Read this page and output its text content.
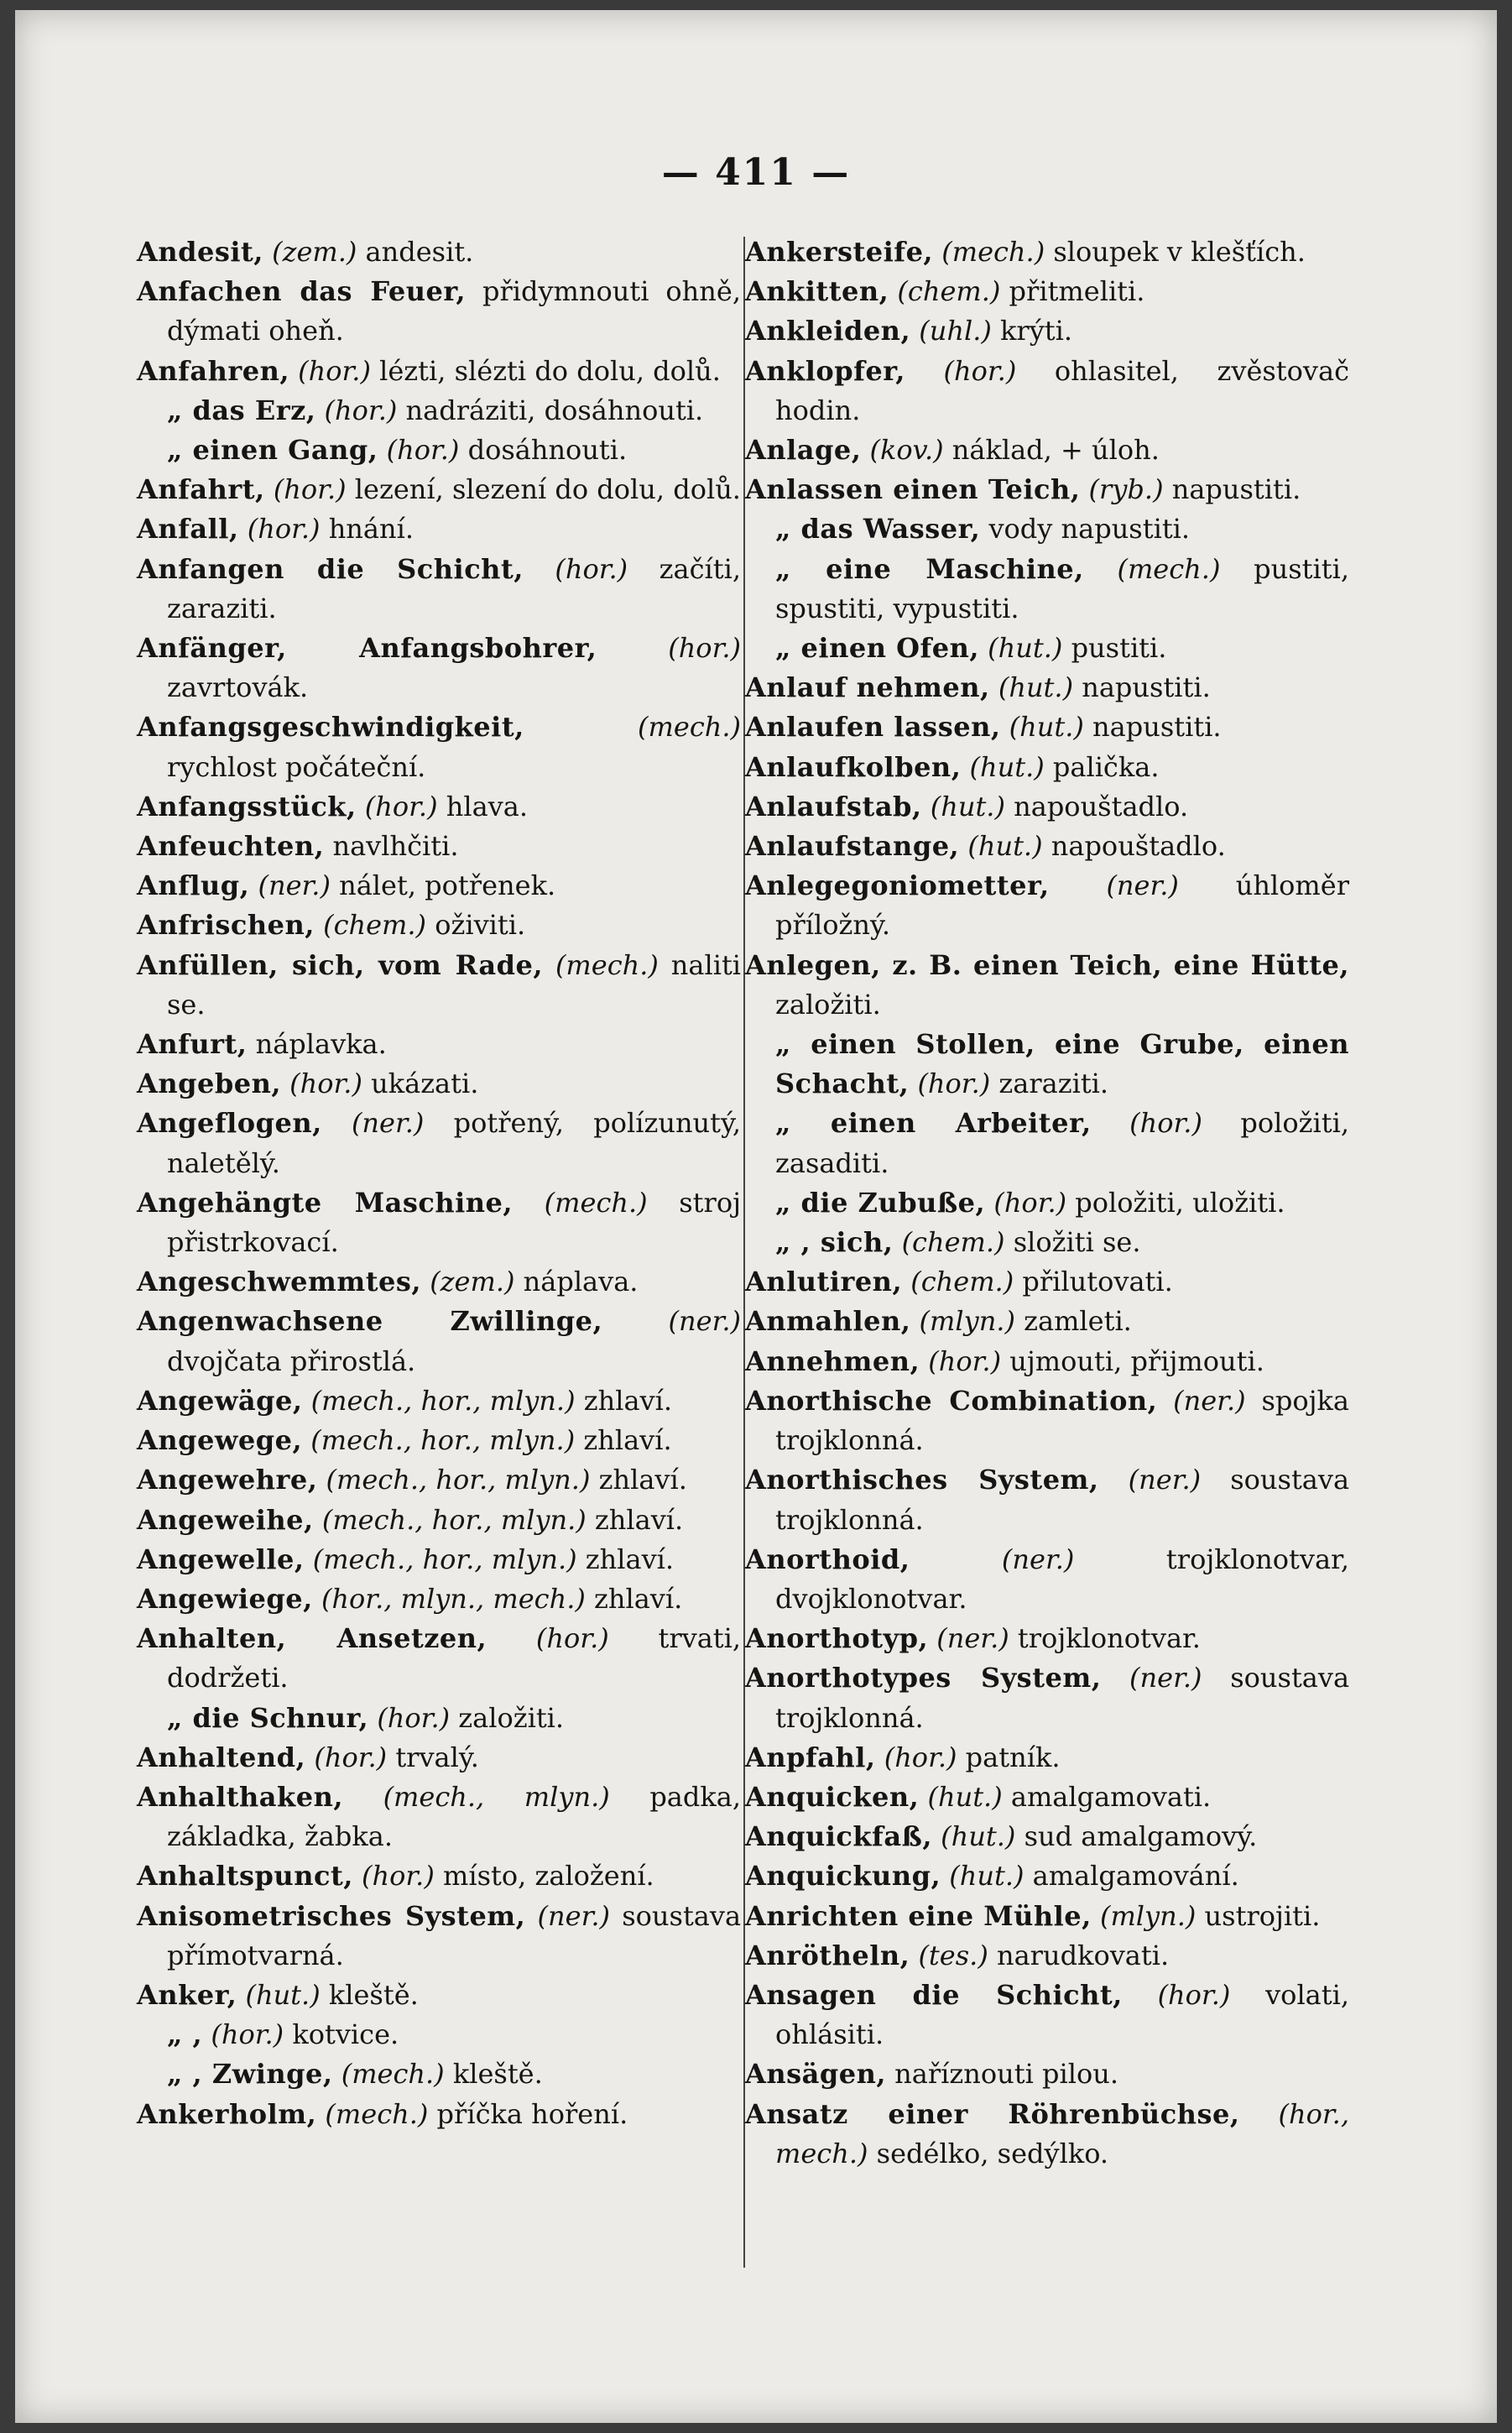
— 411 —

Andesit, (zem.) andesit.

Anfachen das Feuer, přidymnouti ohně, dýmati oheň.

Anfahren, (hor.) lézti, slézti do dolu, dolů.

„ das Erz, (hor.) nadráziti, dosáhnouti.

„ einen Gang, (hor.) dosáhnouti.

Anfahrt, (hor.) lezení, slezení do dolu, dolů.

Anfall, (hor.) hnání.

Anfangen die Schicht, (hor.) začíti, zaraziti.

Anfänger, Anfangsbohrer,	(hor.) zavrtovák.

Anfangsgeschwindigkeit,	(mech.) rychlost počáteční.

Anfangsstück, (hor.) hlava.

Anfeuchten, navlhčiti.

Anflug, (ner.) nálet, potřenek.

Anfrischen, (chem.) oživiti.

Anfüllen, sich, vom Rade, (mech.) naliti se.

Anfurt, náplavka.

Angeben, (hor.) ukázati.

Angeflogen, (ner.) potřený, polízunutý, naletělý.

Angehängte Maschine, (mech.) stroj přistrkovací.

Angeschwemmtes, (zem.) náplava.

Angenwachsene Zwillinge, (ner.) dvojčata přirostlá.

Angewäge, (mech., hor., mlyn.) zhlaví.

Angewege, (mech., hor., mlyn.) zhlaví.

Angewehre, (mech., hor., mlyn.) zhlaví.

Angeweihe, (mech., hor., mlyn.) zhlaví.

Angewelle, (mech., hor., mlyn.) zhlaví.

Angewiege, (hor., mlyn., mech.) zhlaví.

Anhalten, Ansetzen, (hor.) trvati, dodržeti.

„ die Schnur, (hor.) založiti.

Anhaltend, (hor.) trvalý.

Anhalthaken, (mech., mlyn.) padka, základka, žabka.

Anhaltspunct, (hor.) místo, založení.

Anisometrisches System, (ner.) soustava přímotvarná.

Anker, (hut.) kleště.

„ , (hor.) kotvice.

„ , Zwinge, (mech.) kleště.

Ankerholm, (mech.) příčka hoření.

Ankersteife, (mech.) sloupek v klešťích.

Ankitten, (chem.) přitmeliti.

Ankleiden, (uhl.) krýti.

Anklopfer, (hor.) ohlasitel, zvěstovač hodin.

Anlage, (kov.) náklad, + úloh.

Anlassen einen Teich, (ryb.) napustiti.

„ das Wasser, vody napustiti.

„ eine Maschine, (mech.) pustiti, spustiti, vypustiti.

„ einen Ofen, (hut.) pustiti.

Anlauf nehmen, (hut.) napustiti.

Anlaufen lassen, (hut.) napustiti.

Anlaufkolben, (hut.) palička.

Anlaufstab, (hut.) napouštadlo.

Anlaufstange, (hut.) napouštadlo.

Anlegegoniometter, (ner.) úhloměr příložný.

Anlegen, z. B. einen Teich, eine Hütte, založiti.

„ einen Stollen, eine Grube, einen Schacht, (hor.) zaraziti.

„ einen Arbeiter, (hor.) položiti, zasaditi.

„ die Zubuße, (hor.) položiti, uložiti.

„ , sich, (chem.) složiti se.

Anlutiren, (chem.) přilutovati.

Anmahlen, (mlyn.) zamleti.

Annehmen, (hor.) ujmouti, přijmouti.

Anorthische Combination, (ner.) spojka trojklonná.

Anorthisches System, (ner.) soustava trojklonná.

Anorthoid,	(ner.)	trojklonotvar, dvojklonotvar.

Anorthotyp, (ner.) trojklonotvar.

Anorthotypes System, (ner.) soustava trojklonná.

Anpfahl, (hor.) patník.

Anquicken, (hut.) amalgamovati.

Anquickfaß, (hut.) sud amalgamový.

Anquickung, (hut.) amalgamování.

Anrichten eine Mühle, (mlyn.) ustrojiti.

Anrötheln, (tes.) narudkovati.

Ansagen die Schicht, (hor.) volati, ohlásiti.

Ansägen, naříznouti pilou.

Ansatz einer Röhrenbüchse, (hor., mech.) sedélko, sedýlko.
